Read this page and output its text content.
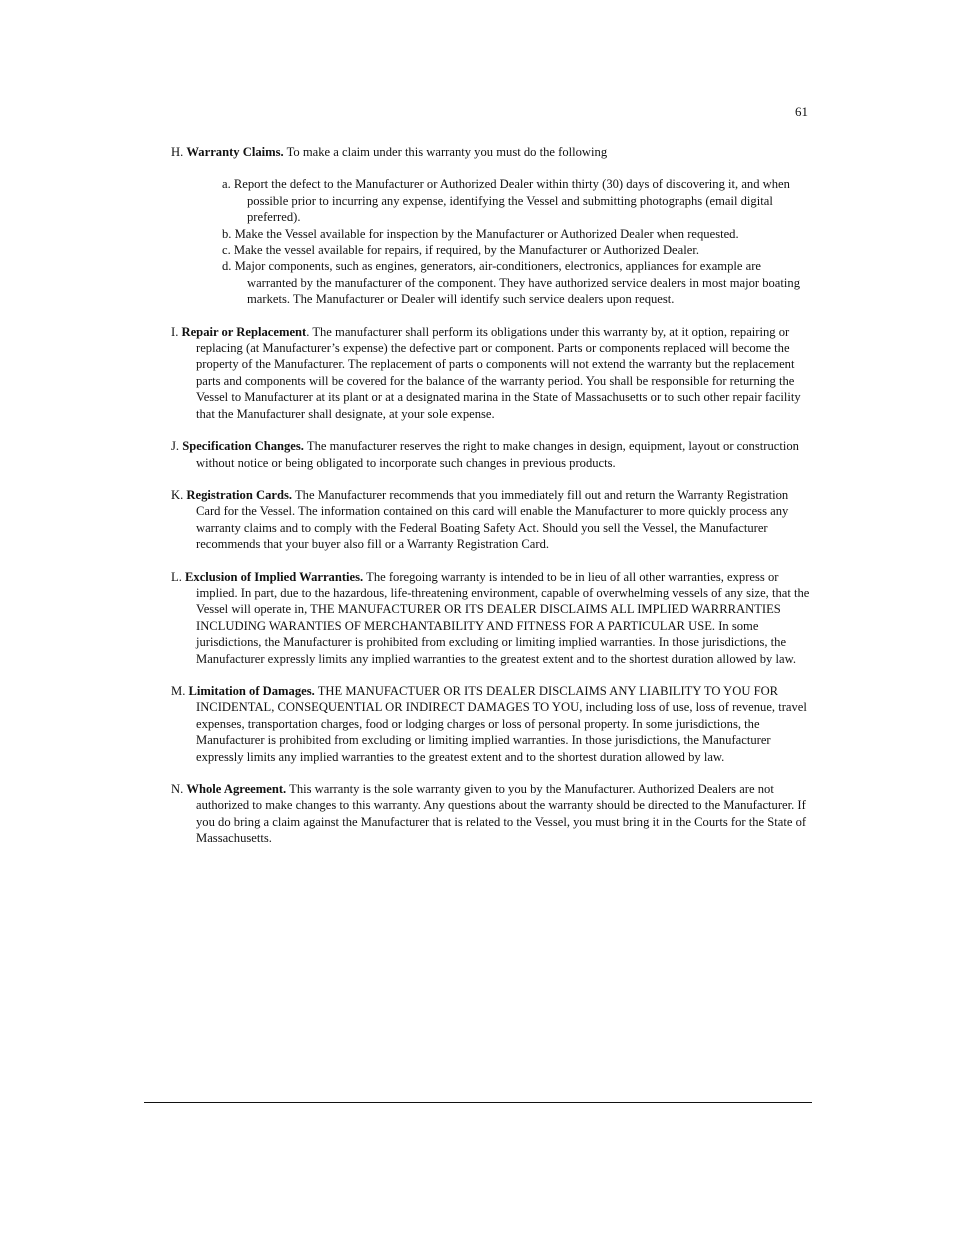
61

H. Warranty Claims. To make a claim under this warranty you must do the following

a. Report the defect to the Manufacturer or Authorized Dealer within thirty (30) days of discovering it, and when possible prior to incurring any expense, identifying the Vessel and submitting photographs (email digital preferred).
b. Make the Vessel available for inspection by the Manufacturer or Authorized Dealer when requested.
c. Make the vessel available for repairs, if required, by the Manufacturer or Authorized Dealer.
d. Major components, such as engines, generators, air-conditioners, electronics, appliances for example are warranted by the manufacturer of the component. They have authorized service dealers in most major boating markets. The Manufacturer or Dealer will identify such service dealers upon request.

I. Repair or Replacement. The manufacturer shall perform its obligations under this warranty by, at it option, repairing or replacing (at Manufacturer’s expense) the defective part or component. Parts or components replaced will become the property of the Manufacturer. The replacement of parts o components will not extend the warranty but the replacement parts and components will be covered for the balance of the warranty period. You shall be responsible for returning the Vessel to Manufacturer at its plant or at a designated marina in the State of Massachusetts or to such other repair facility that the Manufacturer shall designate, at your sole expense.

J. Specification Changes. The manufacturer reserves the right to make changes in design, equipment, layout or construction without notice or being obligated to incorporate such changes in previous products.

K. Registration Cards. The Manufacturer recommends that you immediately fill out and return the Warranty Registration Card for the Vessel. The information contained on this card will enable the Manufacturer to more quickly process any warranty claims and to comply with the Federal Boating Safety Act. Should you sell the Vessel, the Manufacturer recommends that your buyer also fill or a Warranty Registration Card.

L. Exclusion of Implied Warranties. The foregoing warranty is intended to be in lieu of all other warranties, express or implied. In part, due to the hazardous, life-threatening environment, capable of overwhelming vessels of any size, that the Vessel will operate in, THE MANUFACTURER OR ITS DEALER DISCLAIMS ALL IMPLIED WARRRANTIES INCLUDING WARANTIES OF MERCHANTABILITY AND FITNESS FOR A PARTICULAR USE. In some jurisdictions, the Manufacturer is prohibited from excluding or limiting implied warranties. In those jurisdictions, the Manufacturer expressly limits any implied warranties to the greatest extent and to the shortest duration allowed by law.

M. Limitation of Damages. THE MANUFACTUER OR ITS DEALER DISCLAIMS ANY LIABILITY TO YOU FOR INCIDENTAL, CONSEQUENTIAL OR INDIRECT DAMAGES TO YOU, including loss of use, loss of revenue, travel expenses, transportation charges, food or lodging charges or loss of personal property. In some jurisdictions, the Manufacturer is prohibited from excluding or limiting implied warranties. In those jurisdictions, the Manufacturer expressly limits any implied warranties to the greatest extent and to the shortest duration allowed by law.

N. Whole Agreement. This warranty is the sole warranty given to you by the Manufacturer. Authorized Dealers are not authorized to make changes to this warranty. Any questions about the warranty should be directed to the Manufacturer. If you do bring a claim against the Manufacturer that is related to the Vessel, you must bring it in the Courts for the State of Massachusetts.
